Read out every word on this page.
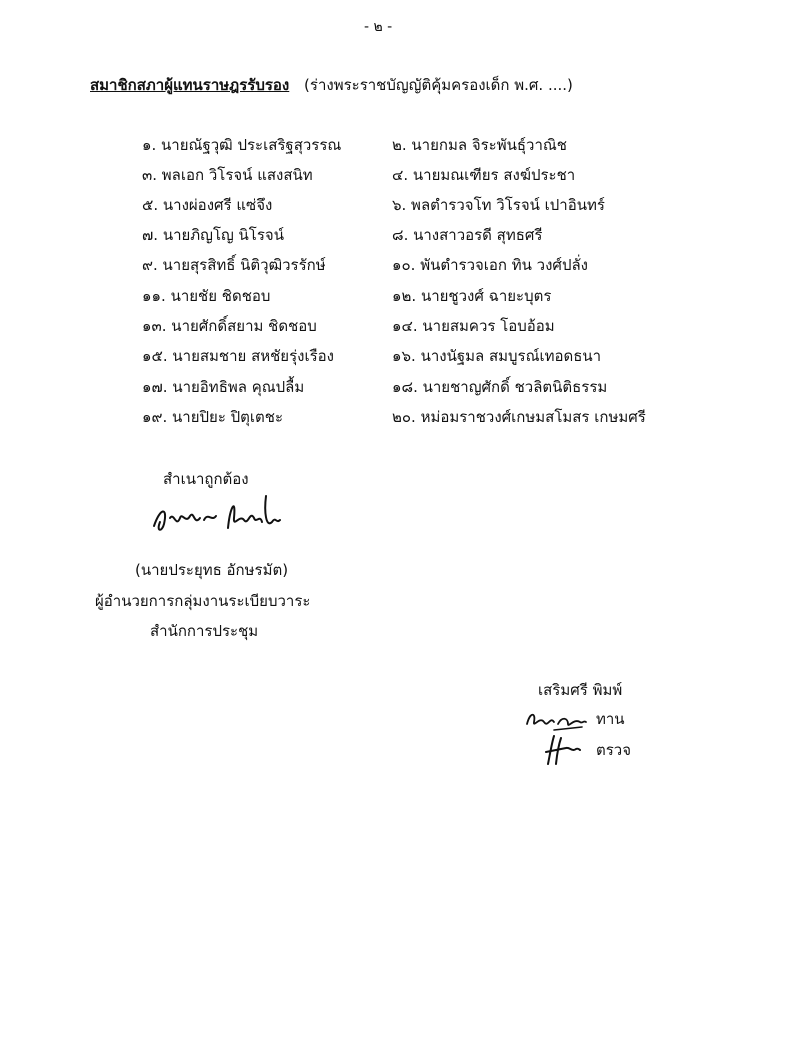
- ๒ -
สมาชิกสภาผู้แทนราษฎรรับรอง (ร่างพระราชบัญญัติคุ้มครองเด็ก พ.ศ. ....)
๑. นายณัฐวุฒิ ประเสริฐสุวรรณ
๓. พลเอก วิโรจน์ แสงสนิท
๕. นางผ่องศรี แซ่จึง
๗. นายภิญโญ นิโรจน์
๙. นายสุรสิทธิ์ นิติวุฒิวรรักษ์
๑๑. นายชัย ชิดชอบ
๑๓. นายศักดิ์สยาม ชิดชอบ
๑๕. นายสมชาย สหชัยรุ่งเรือง
๑๗. นายอิทธิพล คุณปลื้ม
๑๙. นายปิยะ ปิตุเตชะ
๒. นายกมล จิระพันธุ์วาณิช
๔. นายมณเฑียร สงฆ์ประชา
๖. พลตำรวจโท วิโรจน์ เปาอินทร์
๘. นางสาวอรดี สุทธศรี
๑๐. พันตำรวจเอก ทิน วงศ์ปลั่ง
๑๒. นายชูวงศ์ ฉายะบุตร
๑๔. นายสมควร โอบอ้อม
๑๖. นางนัฐมล สมบูรณ์เทอดธนา
๑๘. นายชาญศักดิ์ ชวลิตนิติธรรม
๒๐. หม่อมราชวงศ์เกษมสโมสร เกษมศรี
สำเนาถูกต้อง
(นายประยุทธ อักษรมัต)
ผู้อำนวยการกลุ่มงานระเบียบวาระ
สำนักการประชุม
เสริมศรี พิมพ์
ทาน
ตรวจ
